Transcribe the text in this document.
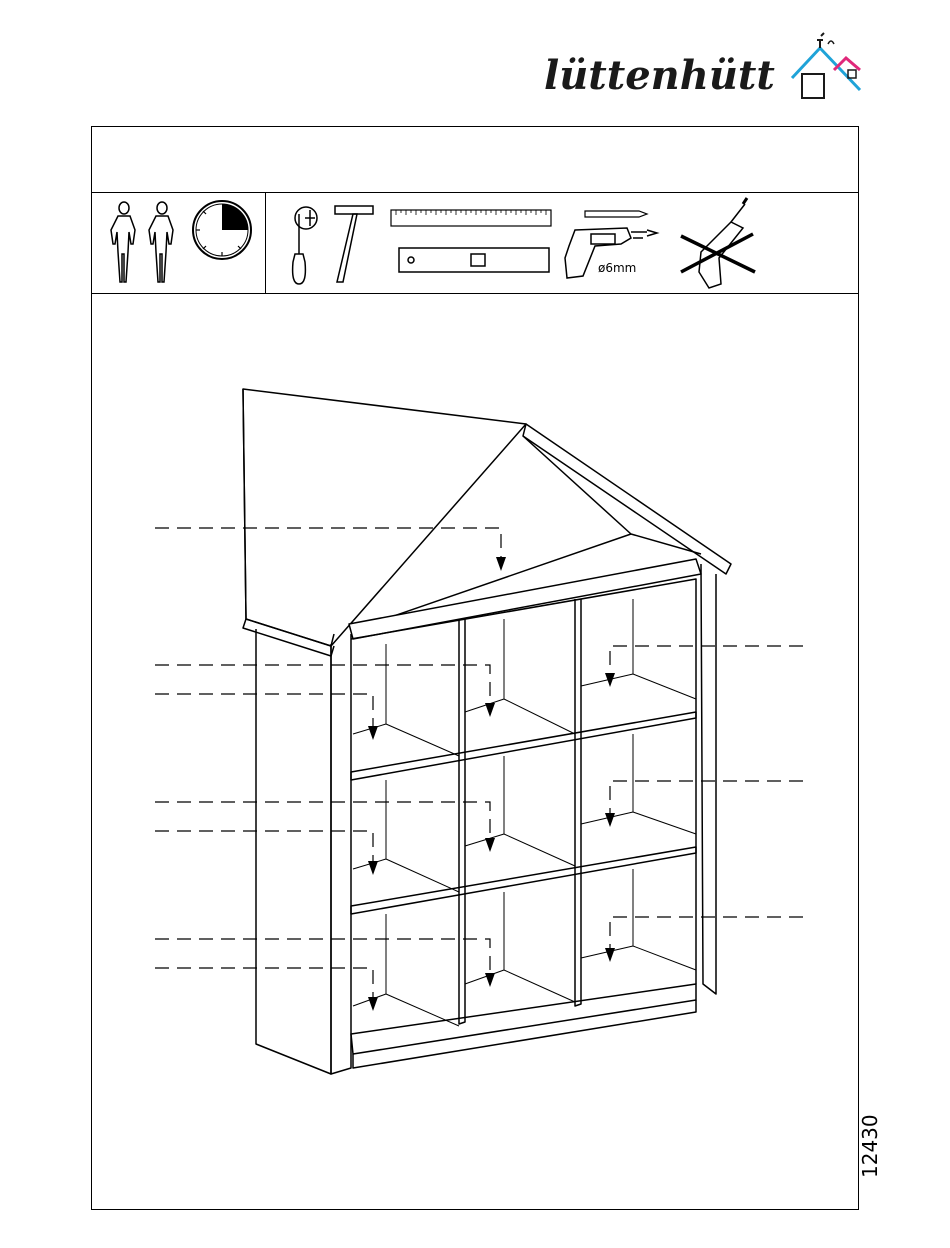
lüttenhütt
ø6mm
12430
